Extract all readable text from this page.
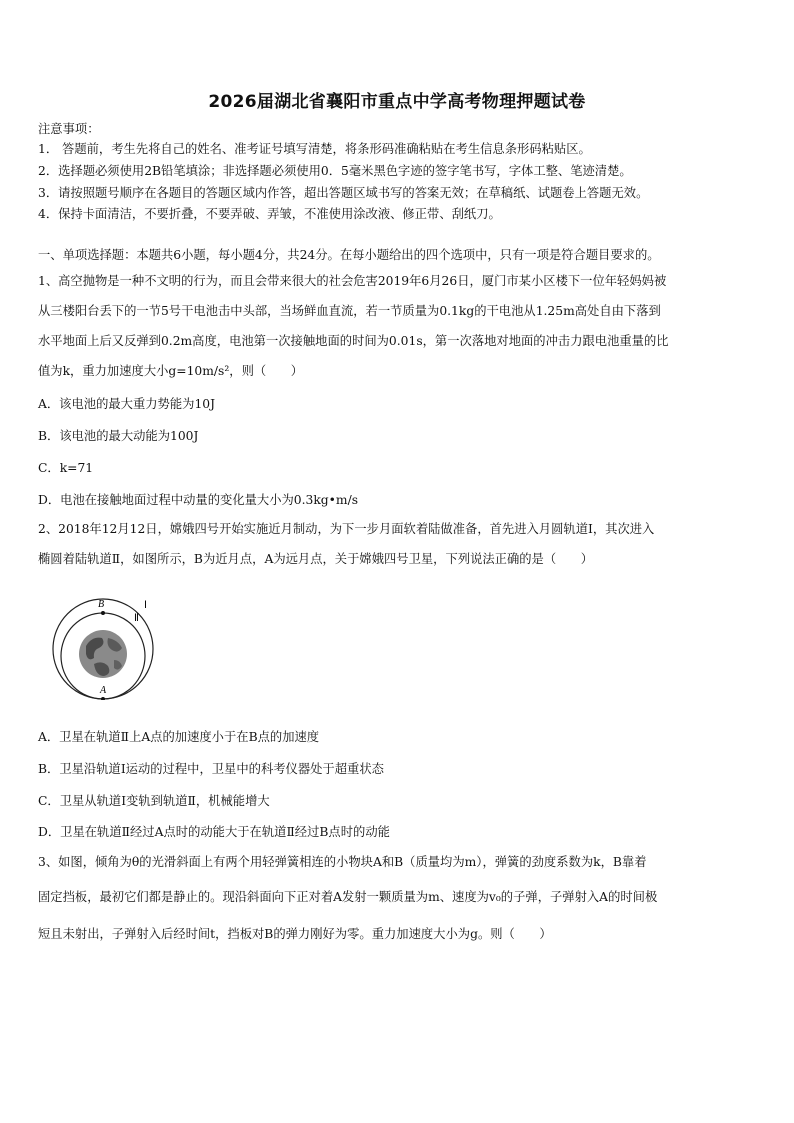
2026届湖北省襄阳市重点中学高考物理押题试卷
注意事项：
1． 答题前，考生先将自己的姓名、准考证号填写清楚，将条形码准确粘贴在考生信息条形码粘贴区。
2．选择题必须使用2B铅笔填涂；非选择题必须使用0．5毫米黑色字迹的签字笔书写，字体工整、笔迹清楚。
3．请按照题号顺序在各题目的答题区域内作答，超出答题区域书写的答案无效；在草稿纸、试题卷上答题无效。
4．保持卡面清洁，不要折叠，不要弄破、弄皱，不准使用涂改液、修正带、刮纸刀。
一、单项选择题：本题共6小题，每小题4分，共24分。在每小题给出的四个选项中，只有一项是符合题目要求的。
1、高空抛物是一种不文明的行为，而且会带来很大的社会危害2019年6月26日，厦门市某小区楼下一位年轻妈妈被
从三楼阳台丢下的一节5号干电池击中头部，当场鲜血直流，若一节质量为0.1kg的干电池从1.25m高处自由下落到
水平地面上后又反弹到0.2m高度，电池第一次接触地面的时间为0.01s，第一次落地对地面的冲击力跟电池重量的比
值为k，重力加速度大小g=10m/s²，则（　　）
A．该电池的最大重力势能为10J
B．该电池的最大动能为100J
C．k=71
D．电池在接触地面过程中动量的变化量大小为0.3kg•m/s
2、2018年12月12日，嫦娥四号开始实施近月制动，为下一步月面软着陆做准备，首先进入月圆轨道Ⅰ，其次进入
椭圆着陆轨道Ⅱ，如图所示，B为近月点，A为远月点，关于嫦娥四号卫星，下列说法正确的是（　　）
B
A
Ⅰ
Ⅱ
A．卫星在轨道Ⅱ上A点的加速度小于在B点的加速度
B．卫星沿轨道Ⅰ运动的过程中，卫星中的科考仪器处于超重状态
C．卫星从轨道Ⅰ变轨到轨道Ⅱ，机械能增大
D．卫星在轨道Ⅱ经过A点时的动能大于在轨道Ⅱ经过B点时的动能
3、如图，倾角为θ的光滑斜面上有两个用轻弹簧相连的小物块A和B（质量均为m），弹簧的劲度系数为k，B靠着
固定挡板，最初它们都是静止的。现沿斜面向下正对着A发射一颗质量为m、速度为v₀的子弹，子弹射入A的时间极
短且未射出，子弹射入后经时间t，挡板对B的弹力刚好为零。重力加速度大小为g。则（　　）
